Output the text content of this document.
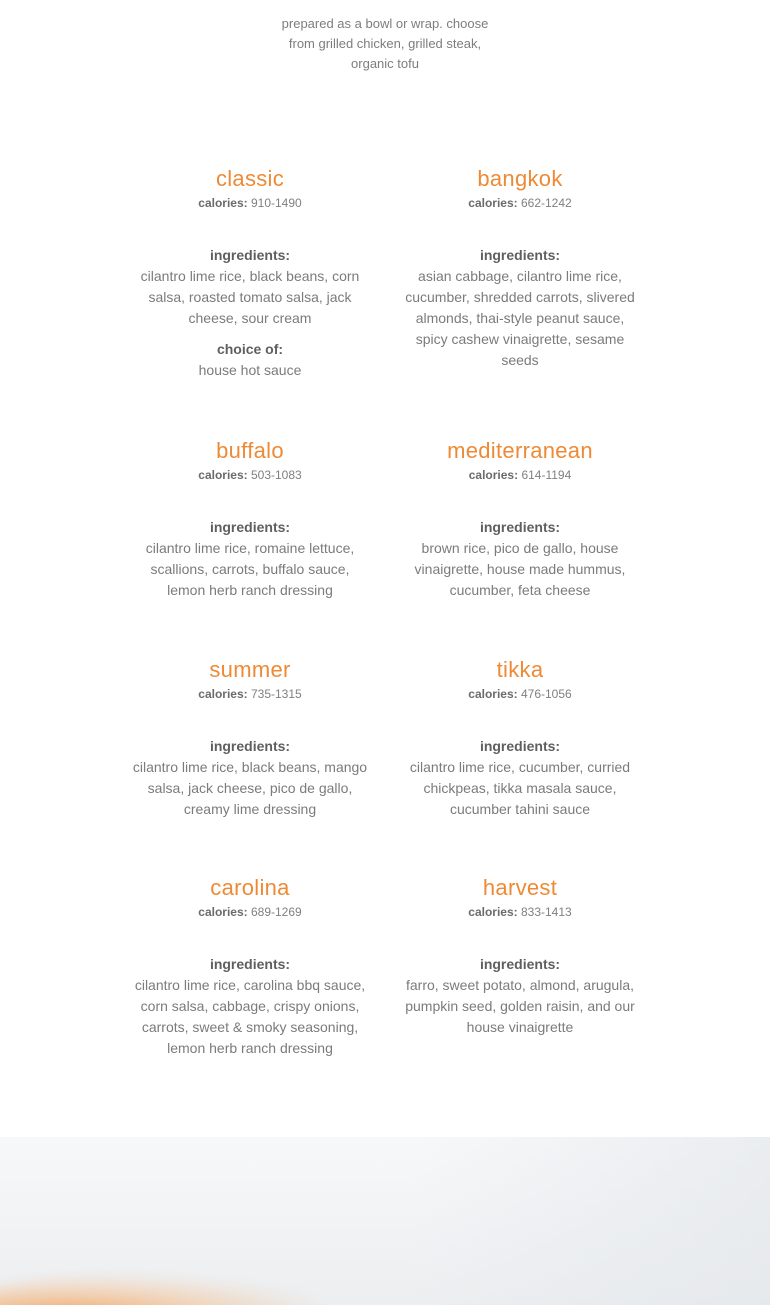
prepared as a bowl or wrap. choose from grilled chicken, grilled steak, organic tofu
classic
calories: 910-1490
ingredients:
cilantro lime rice, black beans, corn salsa, roasted tomato salsa, jack cheese, sour cream
choice of:
house hot sauce
bangkok
calories: 662-1242
ingredients:
asian cabbage, cilantro lime rice, cucumber, shredded carrots, slivered almonds, thai-style peanut sauce, spicy cashew vinaigrette, sesame seeds
buffalo
calories: 503-1083
ingredients:
cilantro lime rice, romaine lettuce, scallions, carrots, buffalo sauce, lemon herb ranch dressing
mediterranean
calories: 614-1194
ingredients:
brown rice, pico de gallo, house vinaigrette, house made hummus, cucumber, feta cheese
summer
calories: 735-1315
ingredients:
cilantro lime rice, black beans, mango salsa, jack cheese, pico de gallo, creamy lime dressing
tikka
calories: 476-1056
ingredients:
cilantro lime rice, cucumber, curried chickpeas, tikka masala sauce, cucumber tahini sauce
carolina
calories: 689-1269
ingredients:
cilantro lime rice, carolina bbq sauce, corn salsa, cabbage, crispy onions, carrots, sweet & smoky seasoning, lemon herb ranch dressing
harvest
calories: 833-1413
ingredients:
farro, sweet potato, almond, arugula, pumpkin seed, golden raisin, and our house vinaigrette
